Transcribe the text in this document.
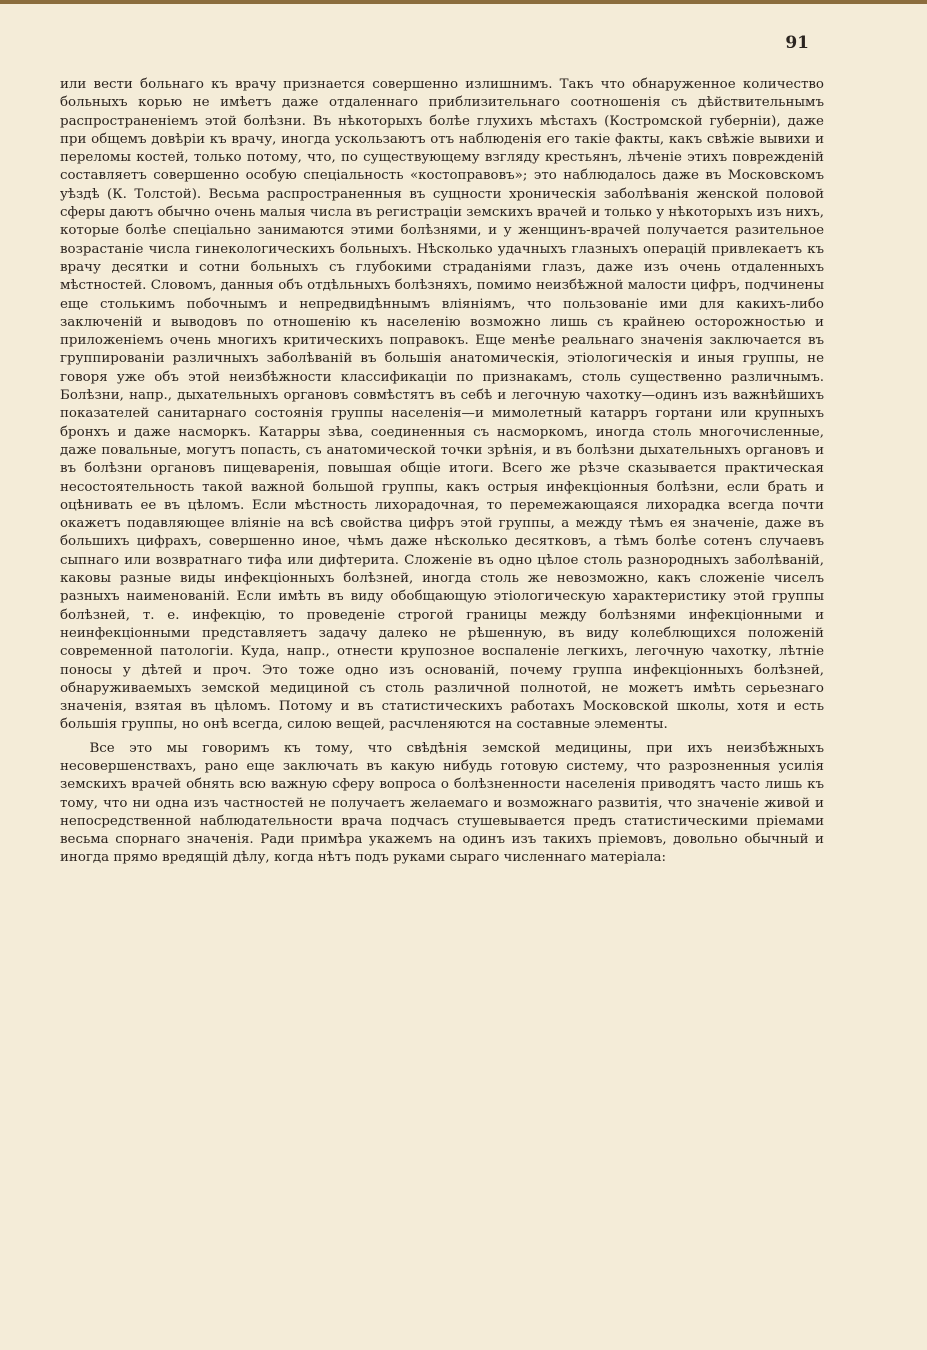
91

или вести больнаго къ врачу признается совершенно излишнимъ. Такъ что обнаруженное количество больныхъ корью не имѣетъ даже отдаленнаго приблизительнаго соотношенія съ дѣйствительнымъ распространеніемъ этой болѣзни. Въ нѣкоторыхъ болѣе глухихъ мѣстахъ (Костромской губерніи), даже при общемъ довѣріи къ врачу, иногда ускользаютъ отъ наблюденія его такіе факты, какъ свѣжіе вывихи и переломы костей, только потому, что, по существующему взгляду крестьянъ, лѣченіе этихъ поврежденій составляетъ совершенно особую спеціальность «костоправовъ»; это наблюдалось даже въ Московскомъ уѣздѣ (К. Толстой). Весьма распространенныя въ сущности хроническія заболѣванія женской половой сферы даютъ обычно очень малыя числа въ регистраціи земскихъ врачей и только у нѣкоторыхъ изъ нихъ, которые болѣе спеціально занимаются этими болѣзнями, и у женщинъ-врачей получается разительное возрастаніе числа гинекологическихъ больныхъ. Нѣсколько удачныхъ глазныхъ операцій привлекаетъ къ врачу десятки и сотни больныхъ съ глубокими страданіями глазъ, даже изъ очень отдаленныхъ мѣстностей. Словомъ, данныя объ отдѣльныхъ болѣзняхъ, помимо неизбѣжной малости цифръ, подчинены еще столькимъ побочнымъ и непредвидѣннымъ вліяніямъ, что пользованіе ими для какихъ-либо заключеній и выводовъ по отношенію къ населенію возможно лишь съ крайнею осторожностью и приложеніемъ очень многихъ критическихъ поправокъ. Еще менѣе реальнаго значенія заключается въ группированіи различныхъ заболѣваній въ большія анатомическія, этіологическія и иныя группы, не говоря уже объ этой неизбѣжности классификаціи по признакамъ, столь существенно различнымъ. Болѣзни, напр., дыхательныхъ органовъ совмѣстятъ въ себѣ и легочную чахотку—одинъ изъ важнѣйшихъ показателей санитарнаго состоянія группы населенія—и мимолетный катарръ гортани или крупныхъ бронхъ и даже насморкъ. Катарры зѣва, соединенныя съ насморкомъ, иногда столь многочисленные, даже повальные, могутъ попасть, съ анатомической точки зрѣнія, и въ болѣзни дыхательныхъ органовъ и въ болѣзни органовъ пищеваренія, повышая общіе итоги. Всего же рѣзче сказывается практическая несостоятельность такой важной большой группы, какъ острыя инфекціонныя болѣзни, если брать и оцѣнивать ее въ цѣломъ. Если мѣстность лихорадочная, то перемежающаяся лихорадка всегда почти окажетъ подавляющее вліяніе на всѣ свойства цифръ этой группы, а между тѣмъ ея значеніе, даже въ большихъ цифрахъ, совершенно иное, чѣмъ даже нѣсколько десятковъ, а тѣмъ болѣе сотенъ случаевъ сыпнаго или возвратнаго тифа или дифтерита. Сложеніе въ одно цѣлое столь разнородныхъ заболѣваній, каковы разные виды инфекціонныхъ болѣзней, иногда столь же невозможно, какъ сложеніе чиселъ разныхъ наименованій. Если имѣть въ виду обобщающую этіологическую характеристику этой группы болѣзней, т. е. инфекцію, то проведеніе строгой границы между болѣзнями инфекціонными и неинфекціонными представляетъ задачу далеко не рѣшенную, въ виду колеблющихся положеній современной патологіи. Куда, напр., отнести крупозное воспаленіе легкихъ, легочную чахотку, лѣтніе поносы у дѣтей и проч. Это тоже одно изъ основаній, почему группа инфекціонныхъ болѣзней, обнаруживаемыхъ земской медициной съ столь различной полнотой, не можетъ имѣть серьезнаго значенія, взятая въ цѣломъ. Потому и въ статистическихъ работахъ Московской школы, хотя и есть большія группы, но онѣ всегда, силою вещей, расчленяются на составные элементы.

Все это мы говоримъ къ тому, что свѣдѣнія земской медицины, при ихъ неизбѣжныхъ несовершенствахъ, рано еще заключать въ какую нибудь готовую систему, что разрозненныя усилія земскихъ врачей обнять всю важную сферу вопроса о болѣзненности населенія приводятъ часто лишь къ тому, что ни одна изъ частностей не получаетъ желаемаго и возможнаго развитія, что значеніе живой и непосредственной наблюдательности врача подчасъ стушевывается предъ статистическими пріемами весьма спорнаго значенія. Ради примѣра укажемъ на одинъ изъ такихъ пріемовъ, довольно обычный и иногда прямо вредящій дѣлу, когда нѣтъ подъ руками сыраго численнаго матеріала:
